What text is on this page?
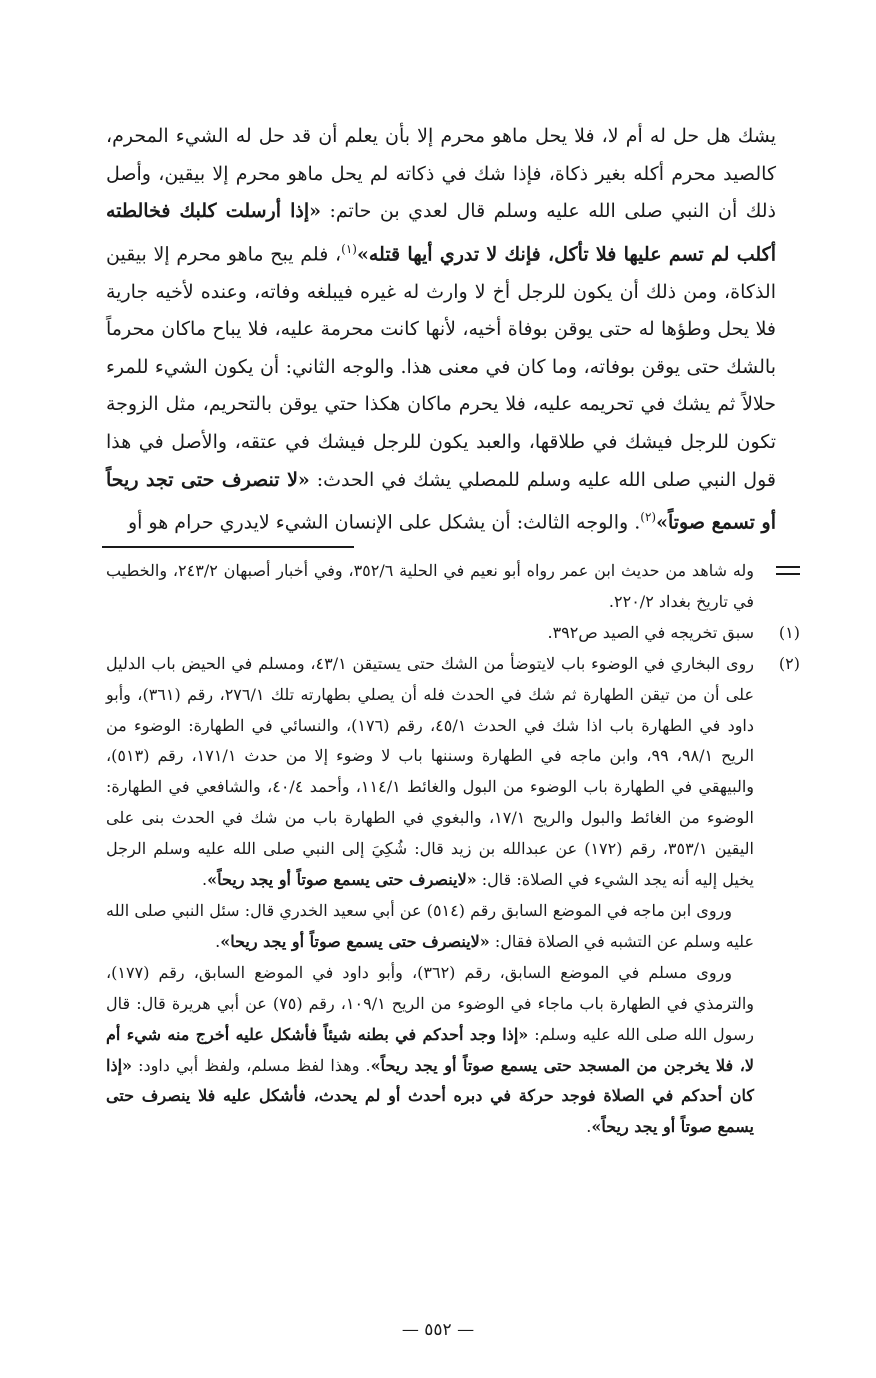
يشك هل حل له أم لا، فلا يحل ماهو محرم إلا بأن يعلم أن قد حل له الشيء المحرم، كالصيد محرم أكله بغير ذكاة، فإذا شك في ذكاته لم يحل ماهو محرم إلا بيقين، وأصل ذلك أن النبي صلى الله عليه وسلم قال لعدي بن حاتم: «إذا أرسلت كلبك فخالطته أكلب لم تسم عليها فلا تأكل، فإنك لا تدري أيها قتله»$^{(١)}$، فلم يبح ماهو محرم إلا بيقين الذكاة، ومن ذلك أن يكون للرجل أخ لا وارث له غيره فيبلغه وفاته، وعنده لأخيه جارية فلا يحل وطؤها له حتى يوقن بوفاة أخيه، لأنها كانت محرمة عليه، فلا يباح ماكان محرماً بالشك حتى يوقن بوفاته، وما كان في معنى هذا. والوجه الثاني: أن يكون الشيء للمرء حلالاً ثم يشك في تحريمه عليه، فلا يحرم ماكان هكذا حتي يوقن بالتحريم، مثل الزوجة تكون للرجل فيشك في طلاقها، والعبد يكون للرجل فيشك في عتقه، والأصل في هذا قول النبي صلى الله عليه وسلم للمصلي يشك في الحدث: «لا تنصرف حتى تجد ريحاً أو تسمع صوتاً»$^{(٢)}$. والوجه الثالث: أن يشكل على الإنسان الشيء لايدري حرام هو أو

وله شاهد من حديث ابن عمر رواه أبو نعيم في الحلية ٣٥٢/٦، وفي أخبار أصبهان ٢٤٣/٢، والخطيب في تاريخ بغداد ٢٢٠/٢.

(١)

سبق تخريجه في الصيد ص٣٩٢.

(٢)

روى البخاري في الوضوء باب لايتوضأ من الشك حتى يستيقن ٤٣/١، ومسلم في الحيض باب الدليل على أن من تيقن الطهارة ثم شك في الحدث فله أن يصلي بطهارته تلك ٢٧٦/١، رقم (٣٦١)، وأبو داود في الطهارة باب اذا شك في الحدث ٤٥/١، رقم (١٧٦)، والنسائي في الطهارة: الوضوء من الريح ٩٨/١، ٩٩، وابن ماجه في الطهارة وسننها باب لا وضوء إلا من حدث ١٧١/١، رقم (٥١٣)، والبيهقي في الطهارة باب الوضوء من البول والغائط ١١٤/١، وأحمد ٤٠/٤، والشافعي في الطهارة: الوضوء من الغائط والبول والريح ١٧/١، والبغوي في الطهارة باب من شك في الحدث بنى على اليقين ٣٥٣/١، رقم (١٧٢) عن عبدالله بن زيد قال: شُكِيَ إلى النبي صلى الله عليه وسلم الرجل يخيل إليه أنه يجد الشيء في الصلاة: قال: «لاينصرف حتى يسمع صوتاً أو يجد ريحاً».

وروى ابن ماجه في الموضع السابق رقم (٥١٤) عن أبي سعيد الخدري قال: سئل النبي صلى الله عليه وسلم عن التشبه في الصلاة فقال: «لاينصرف حتى يسمع صوتاً أو يجد ريحا».

وروى مسلم في الموضع السابق، رقم (٣٦٢)، وأبو داود في الموضع السابق، رقم (١٧٧)، والترمذي في الطهارة باب ماجاء في الوضوء من الريح ١٠٩/١، رقم (٧٥) عن أبي هريرة قال: قال رسول الله صلى الله عليه وسلم: «إذا وجد أحدكم في بطنه شيئاً فأشكل عليه أخرج منه شيء أم لا، فلا يخرجن من المسجد حتى يسمع صوتاً أو يجد ريحاً». وهذا لفظ مسلم، ولفظ أبي داود: «إذا كان أحدكم في الصلاة فوجد حركة في دبره أحدث أو لم يحدث، فأشكل عليه فلا ينصرف حتى يسمع صوتاً أو يجد ريحاً».

— ٥٥٢ —
